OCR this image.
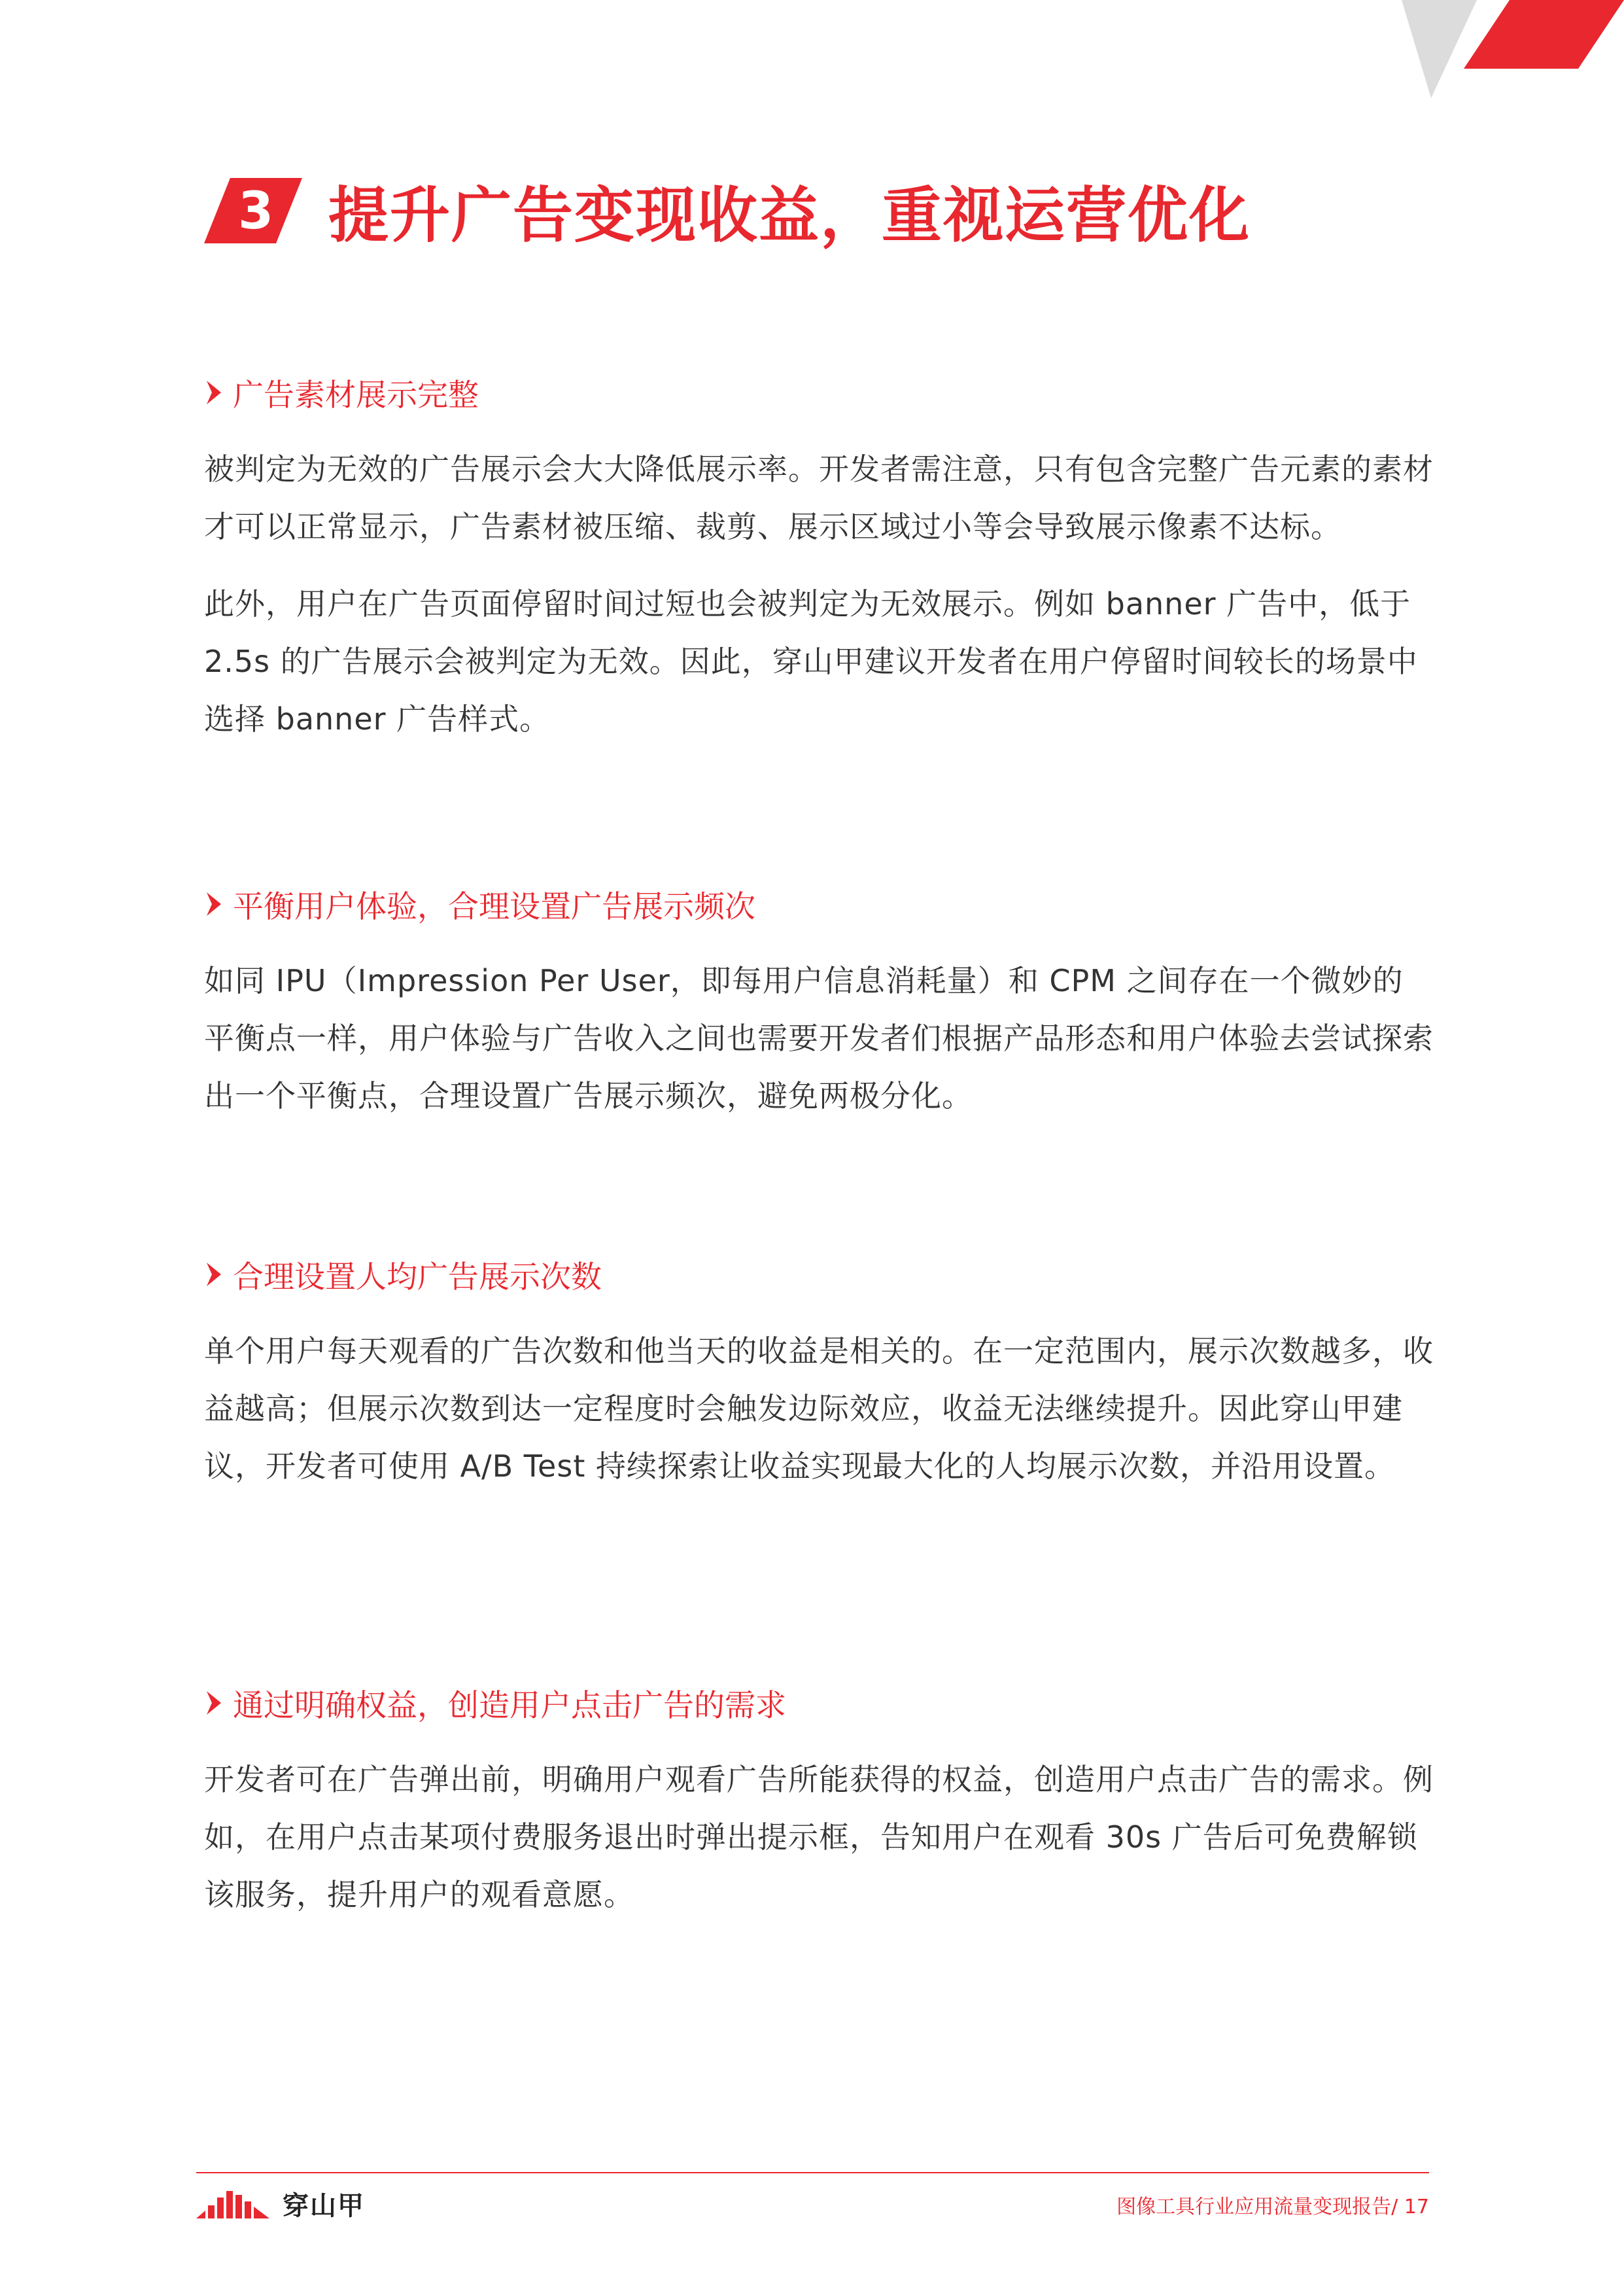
3 提升广告变现收益，重视运营优化
广告素材展示完整

被判定为无效的广告展示会大大降低展示率。开发者需注意，只有包含完整广告元素的素材才可以正常显示，广告素材被压缩、裁剪、展示区域过小等会导致展示像素不达标。

此外，用户在广告页面停留时间过短也会被判定为无效展示。例如 banner 广告中，低于 2.5s 的广告展示会被判定为无效。因此，穿山甲建议开发者在用户停留时间较长的场景中选择 banner 广告样式。

平衡用户体验，合理设置广告展示频次

如同 IPU（Impression Per User，即每用户信息消耗量）和 CPM 之间存在一个微妙的平衡点一样，用户体验与广告收入之间也需要开发者们根据产品形态和用户体验去尝试探索出一个平衡点，合理设置广告展示频次，避免两极分化。

合理设置人均广告展示次数

单个用户每天观看的广告次数和他当天的收益是相关的。在一定范围内，展示次数越多，收益越高；但展示次数到达一定程度时会触发边际效应，收益无法继续提升。因此穿山甲建议，开发者可使用 A/B Test 持续探索让收益实现最大化的人均展示次数，并沿用设置。

通过明确权益，创造用户点击广告的需求

开发者可在广告弹出前，明确用户观看广告所能获得的权益，创造用户点击广告的需求。例如，在用户点击某项付费服务退出时弹出提示框，告知用户在观看 30s 广告后可免费解锁该服务，提升用户的观看意愿。

穿山甲	图像工具行业应用流量变现报告/ 17
